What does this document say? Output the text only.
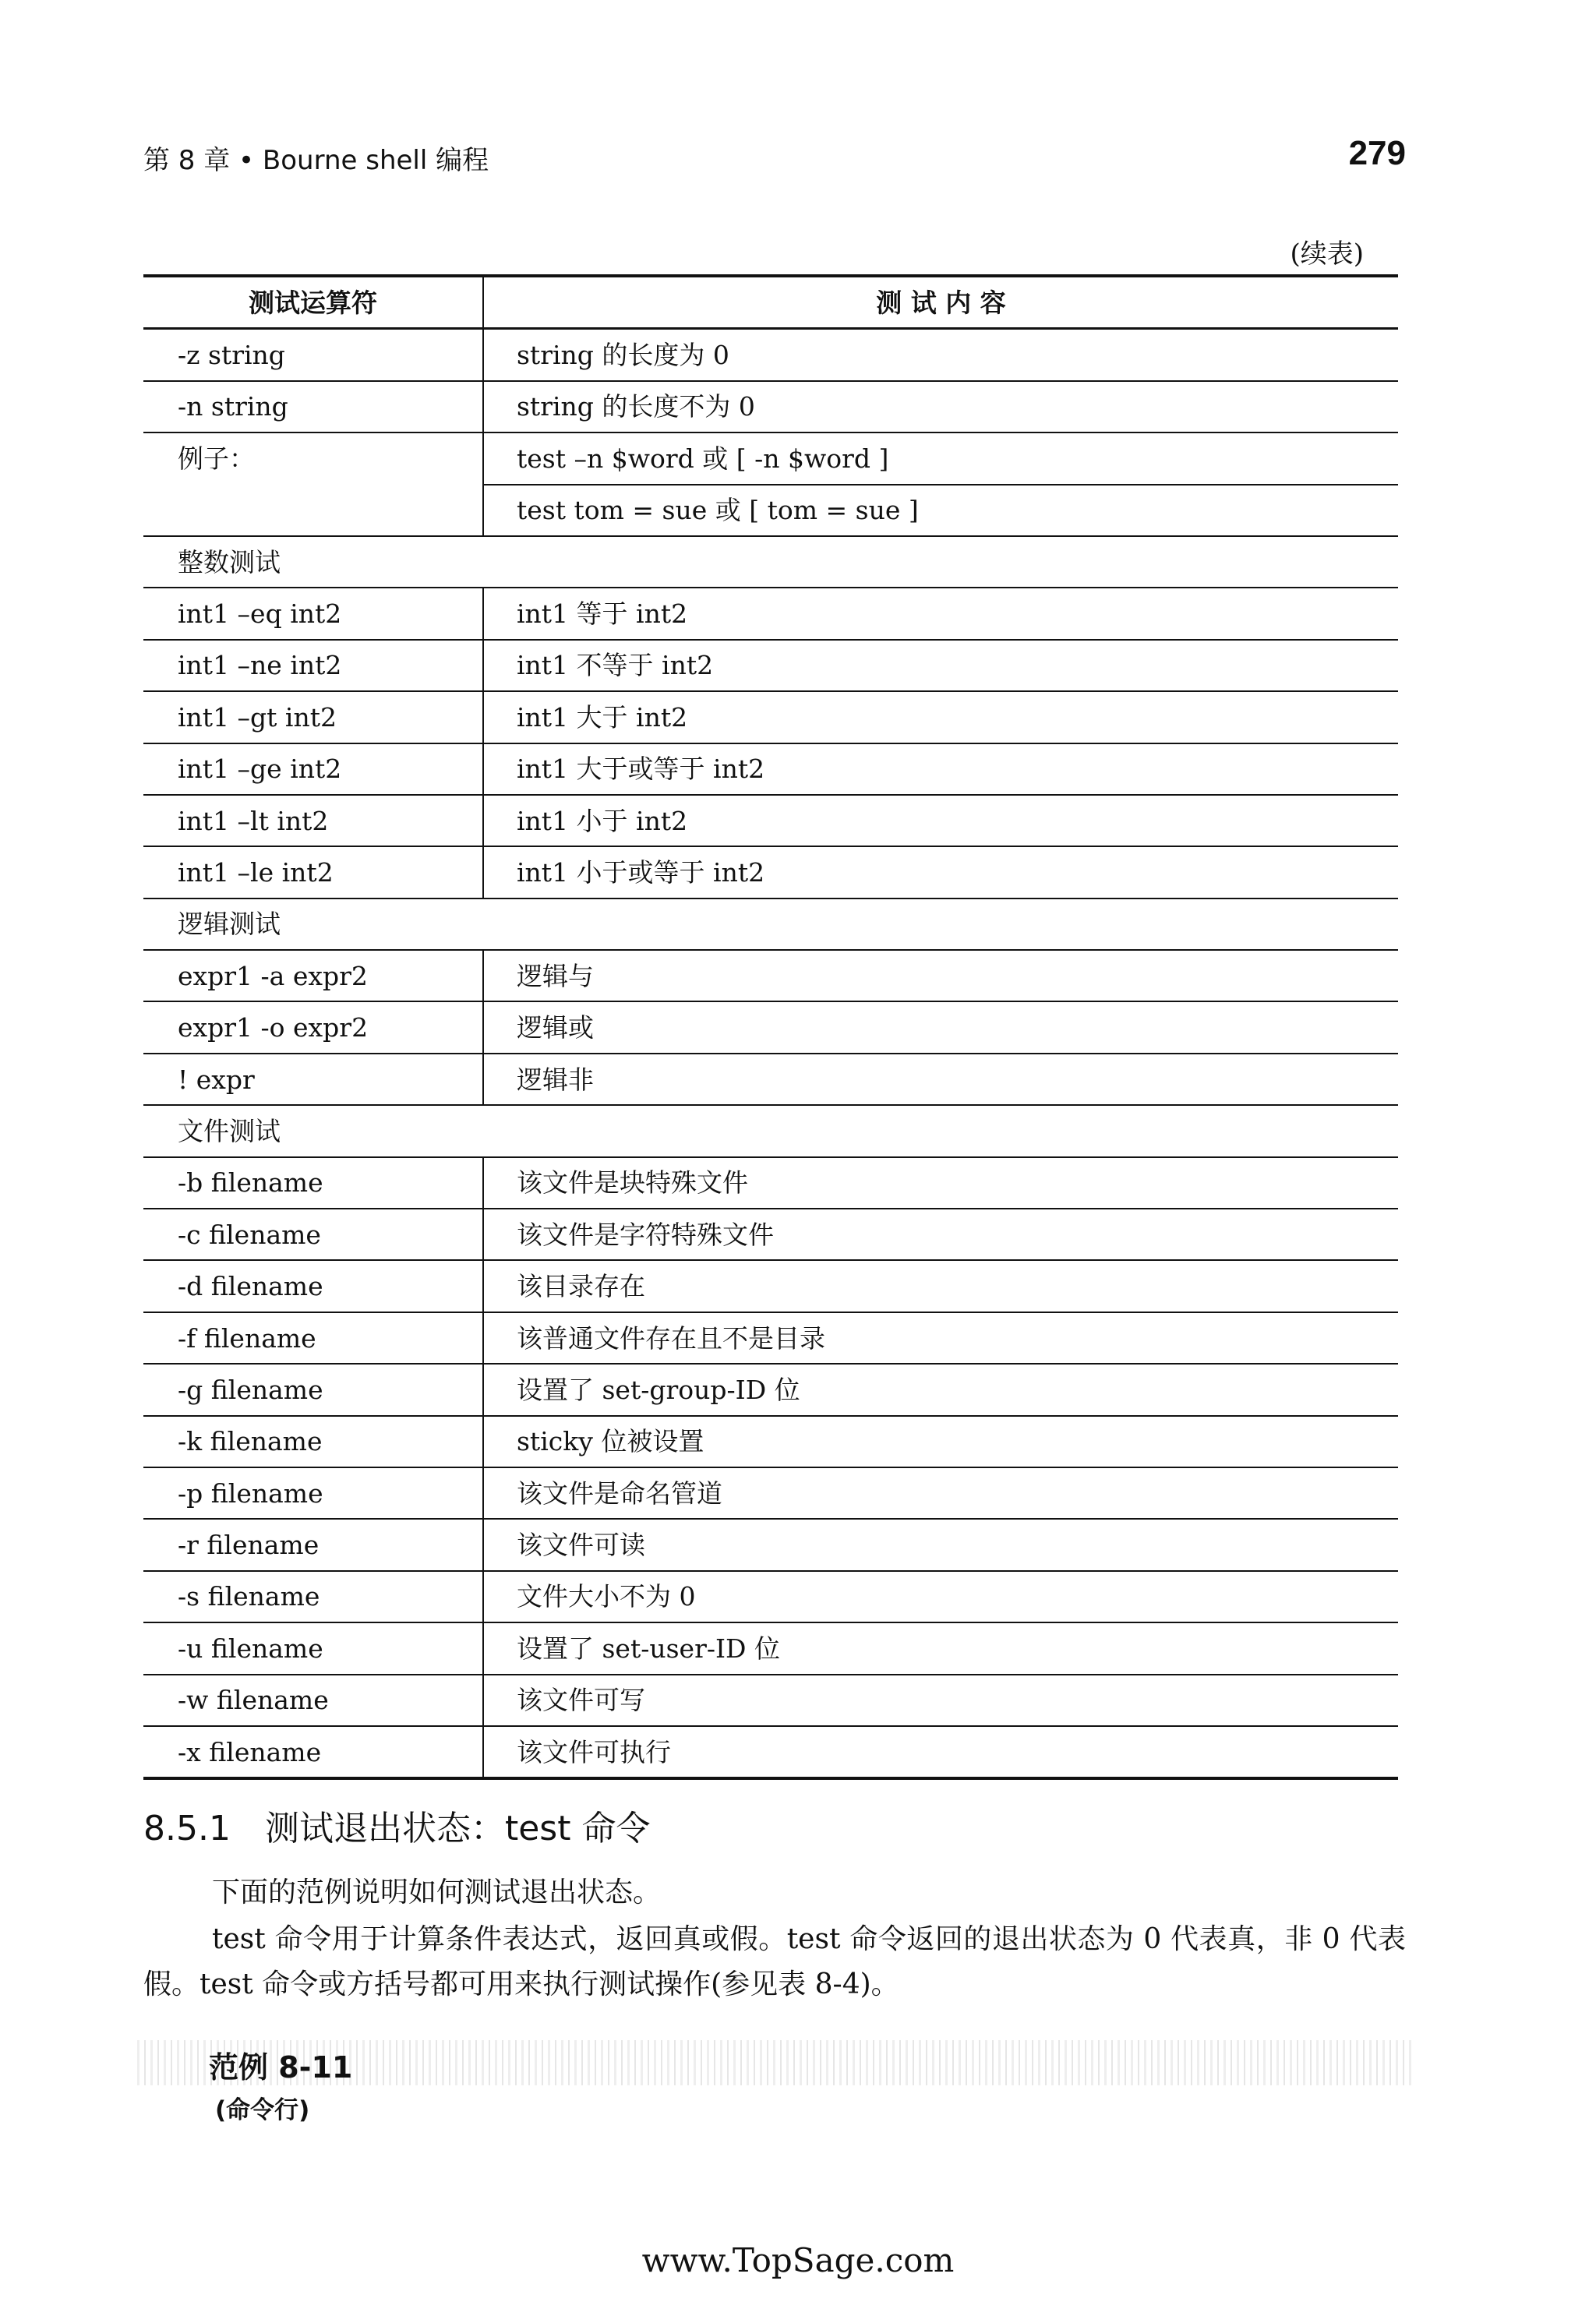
第 8 章 • Bourne shell 编程	279
(续表)
测试运算符	测 试 内 容
-z string	string 的长度为 0
-n string	string 的长度不为 0
例子：	test –n $word 或 [ -n $word ]
	test tom = sue 或 [ tom = sue ]
整数测试	
int1 –eq int2	int1 等于 int2
int1 –ne int2	int1 不等于 int2
int1 –gt int2	int1 大于 int2
int1 –ge int2	int1 大于或等于 int2
int1 –lt int2	int1 小于 int2
int1 –le int2	int1 小于或等于 int2
逻辑测试	
expr1 -a expr2	逻辑与
expr1 -o expr2	逻辑或
! expr	逻辑非
文件测试	
-b filename	该文件是块特殊文件
-c filename	该文件是字符特殊文件
-d filename	该目录存在
-f filename	该普通文件存在且不是目录
-g filename	设置了 set-group-ID 位
-k filename	sticky 位被设置
-p filename	该文件是命名管道
-r filename	该文件可读
-s filename	文件大小不为 0
-u filename	设置了 set-user-ID 位
-w filename	该文件可写
-x filename	该文件可执行
8.5.1 测试退出状态：test 命令

下面的范例说明如何测试退出状态。

test 命令用于计算条件表达式，返回真或假。test 命令返回的退出状态为 0 代表真，非 0 代表假。test 命令或方括号都可用来执行测试操作(参见表 8-4)。

范例 8-11
(命令行)
www.TopSage.com
